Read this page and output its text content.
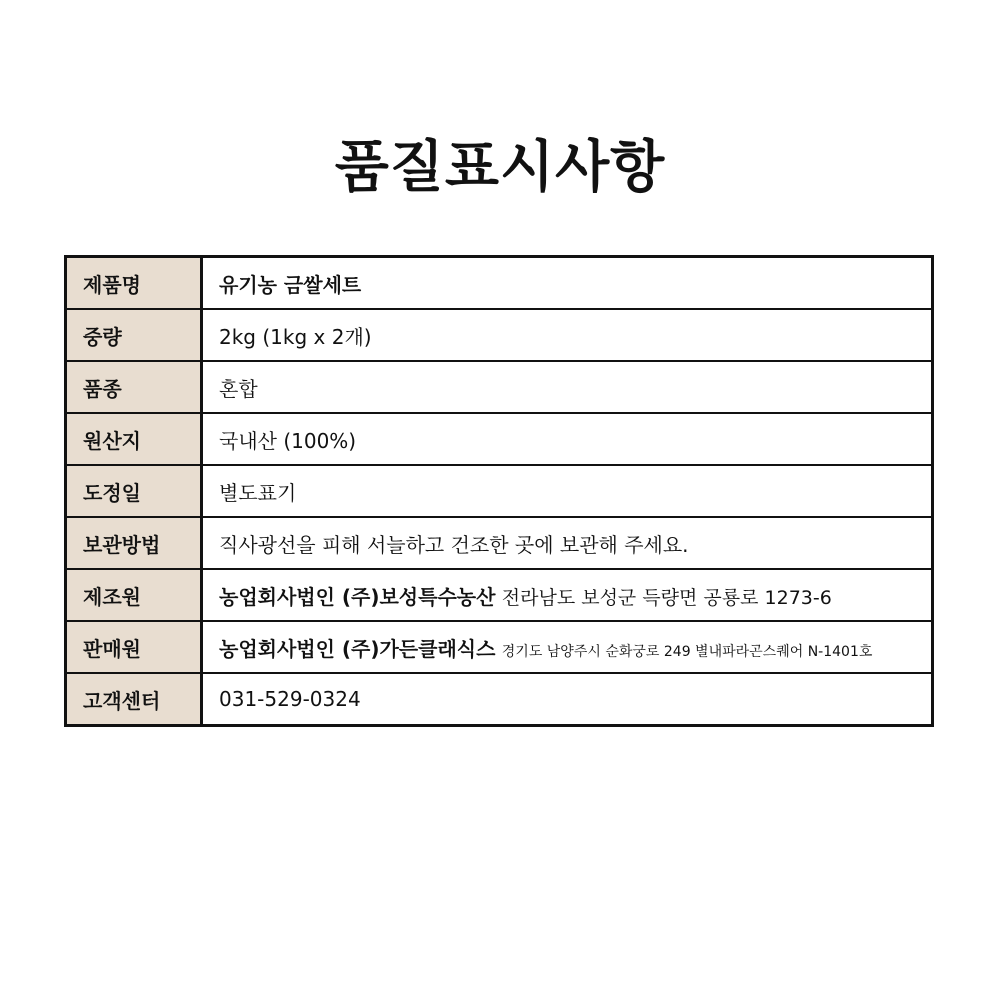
품질표시사항
제품명	유기농 금쌀세트
중량	2kg (1kg x 2개)
품종	혼합
원산지	국내산 (100%)
도정일	별도표기
보관방법	직사광선을 피해 서늘하고 건조한 곳에 보관해 주세요.
제조원	농업회사법인 (주)보성특수농산 전라남도 보성군 득량면 공룡로 1273-6
판매원	농업회사법인 (주)가든클래식스 경기도 남양주시 순화궁로 249 별내파라곤스퀘어 N-1401호
고객센터	031-529-0324
